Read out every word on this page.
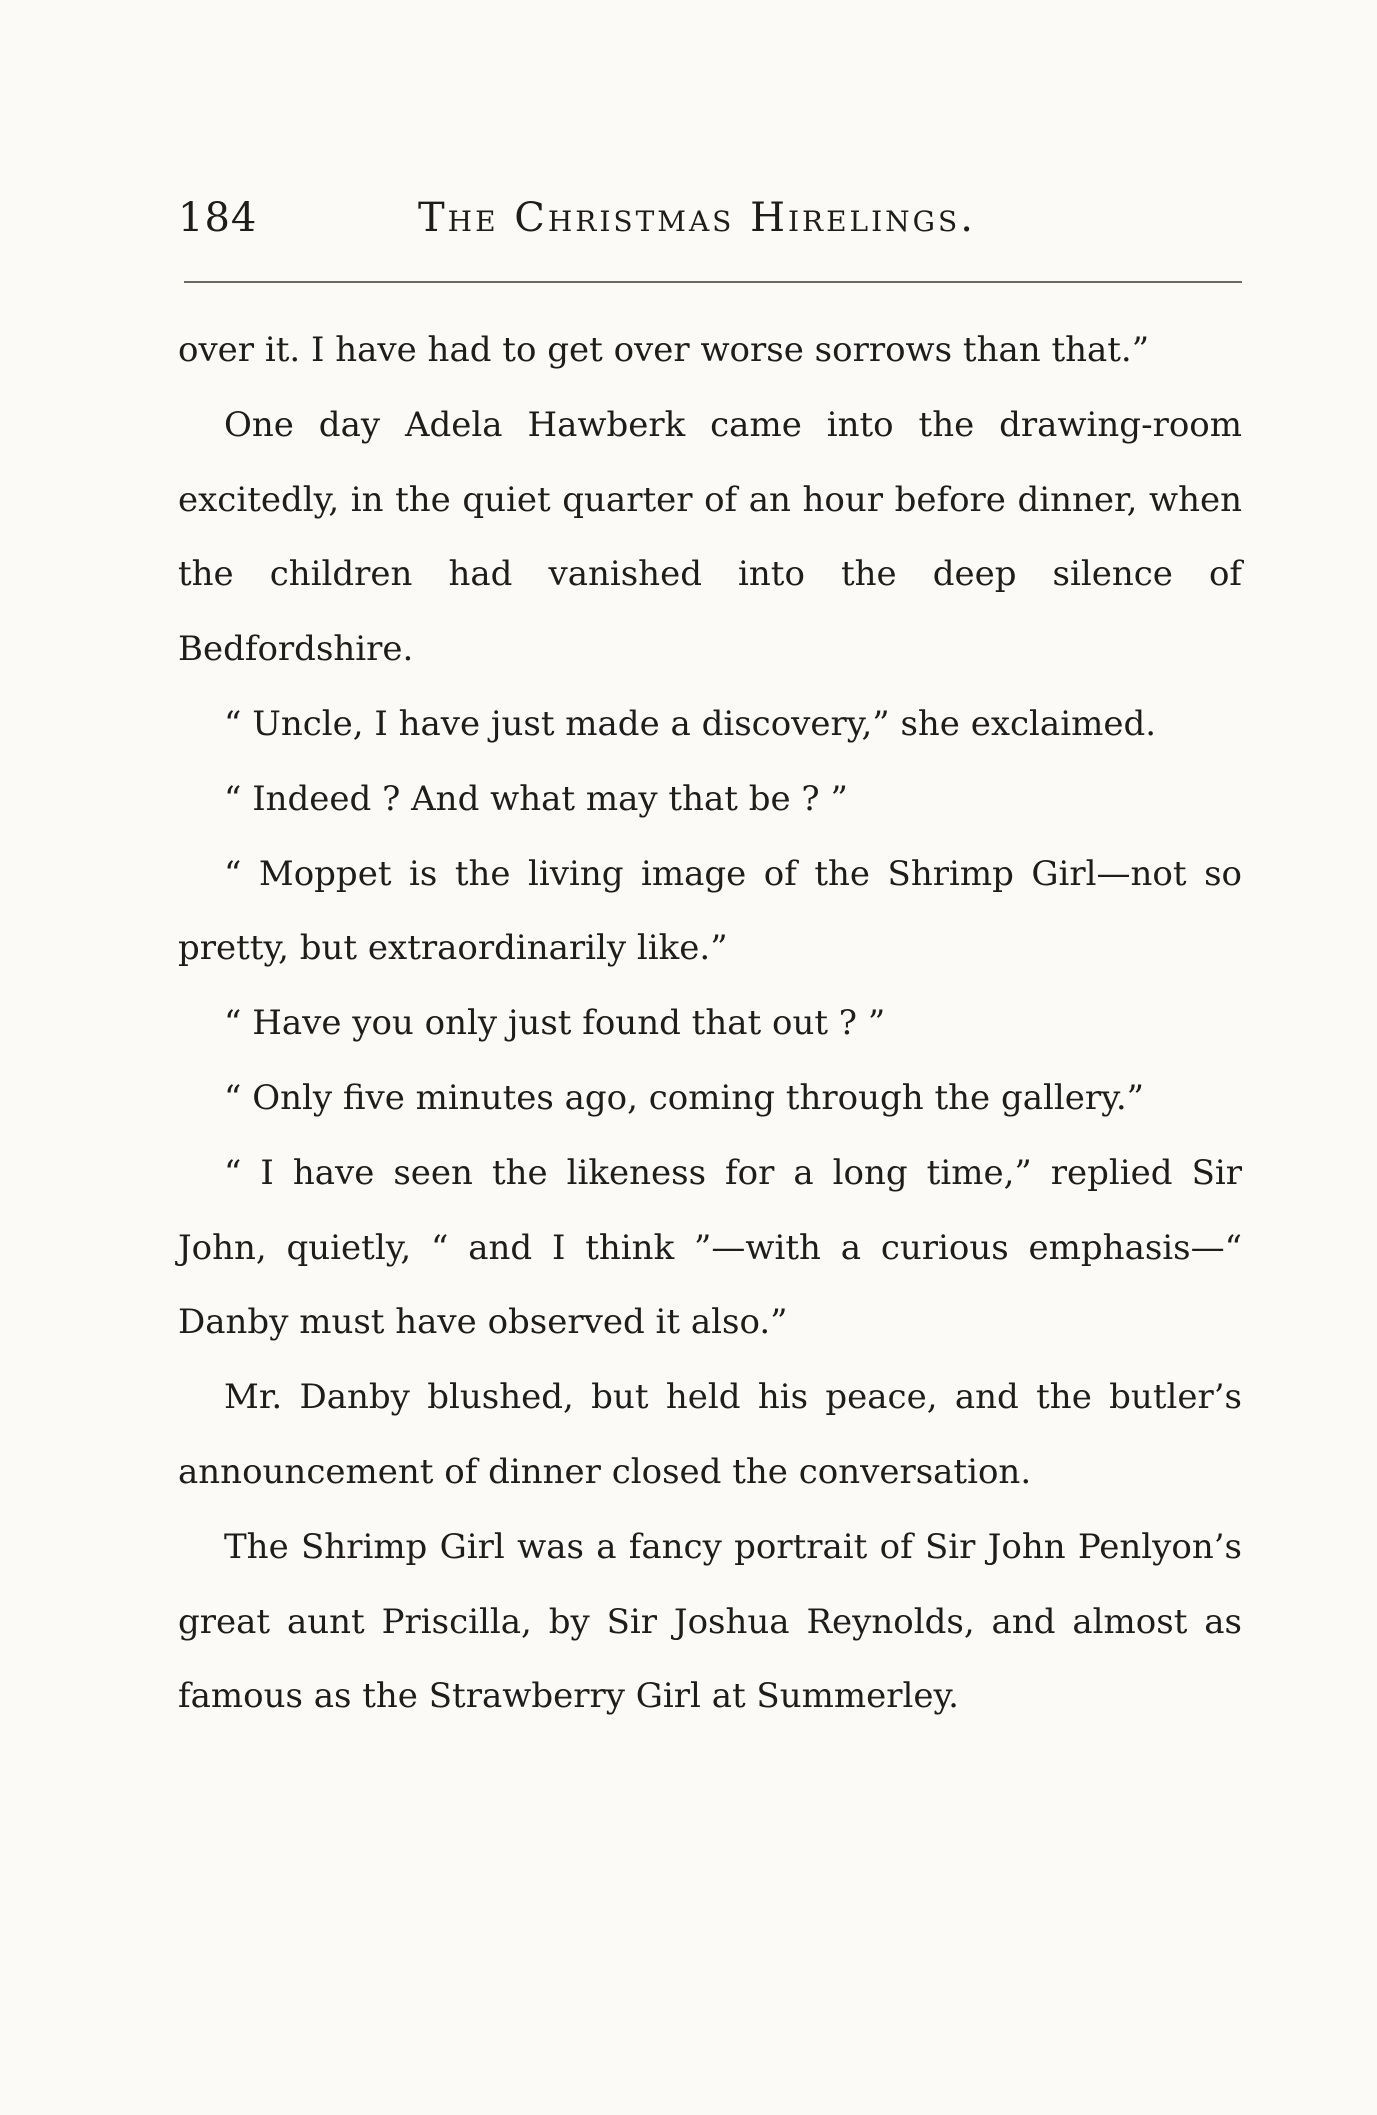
184	The Christmas Hirelings.

over it. I have had to get over worse sorrows than that.”

One day Adela Hawberk came into the drawing-room excitedly, in the quiet quarter of an hour before dinner, when the children had vanished into the deep silence of Bedfordshire.

“ Uncle, I have just made a discovery,” she exclaimed.

“ Indeed ? And what may that be ? ”

“ Moppet is the living image of the Shrimp Girl—not so pretty, but extraordinarily like.”

“ Have you only just found that out ? ”

“ Only five minutes ago, coming through the gallery.”

“ I have seen the likeness for a long time,” replied Sir John, quietly, “ and I think ”—with a curious emphasis—“ Danby must have observed it also.”

Mr. Danby blushed, but held his peace, and the butler’s announcement of dinner closed the conversation.

The Shrimp Girl was a fancy portrait of Sir John Penlyon’s great aunt Priscilla, by Sir Joshua Reynolds, and almost as famous as the Strawberry Girl at Summerley.
